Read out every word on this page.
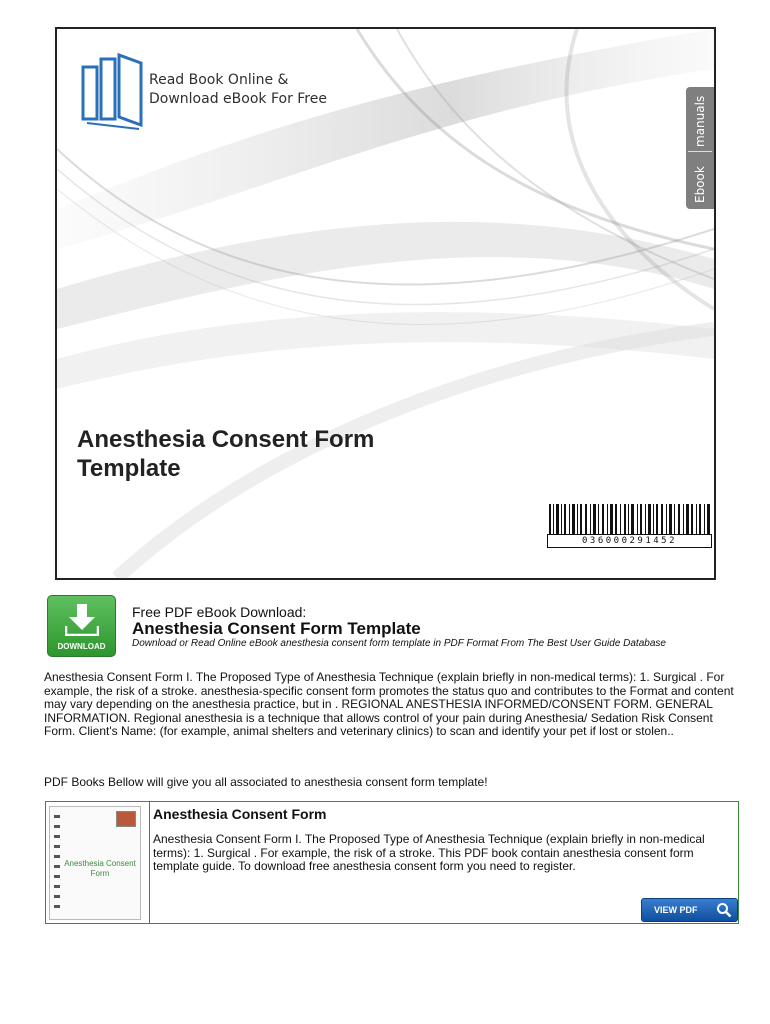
Read Book Online &
Download eBook For Free	manuals
Ebook
Anesthesia Consent Form Template
036000291452
DOWNLOAD
Free PDF eBook Download:
Anesthesia Consent Form Template
Download or Read Online eBook anesthesia consent form template in PDF Format From The Best User Guide Database
Anesthesia Consent Form I. The Proposed Type of Anesthesia Technique (explain briefly in non-medical terms): 1. Surgical . For example, the risk of a stroke. anesthesia-specific consent form promotes the status quo and contributes to the Format and content may vary depending on the anesthesia practice, but in . REGIONAL ANESTHESIA INFORMED/CONSENT FORM. GENERAL INFORMATION. Regional anesthesia is a technique that allows control of your pain during Anesthesia/ Sedation Risk Consent Form. Client's Name: (for example, animal shelters and veterinary clinics) to scan and identify your pet if lost or stolen..
PDF Books Bellow will give you all associated to anesthesia consent form template!
Anesthesia Consent Form
Anesthesia Consent Form
Anesthesia Consent Form I. The Proposed Type of Anesthesia Technique (explain briefly in non-medical terms): 1. Surgical . For example, the risk of a stroke. This PDF book contain anesthesia consent form template guide. To download free anesthesia consent form you need to register.
VIEW PDF
